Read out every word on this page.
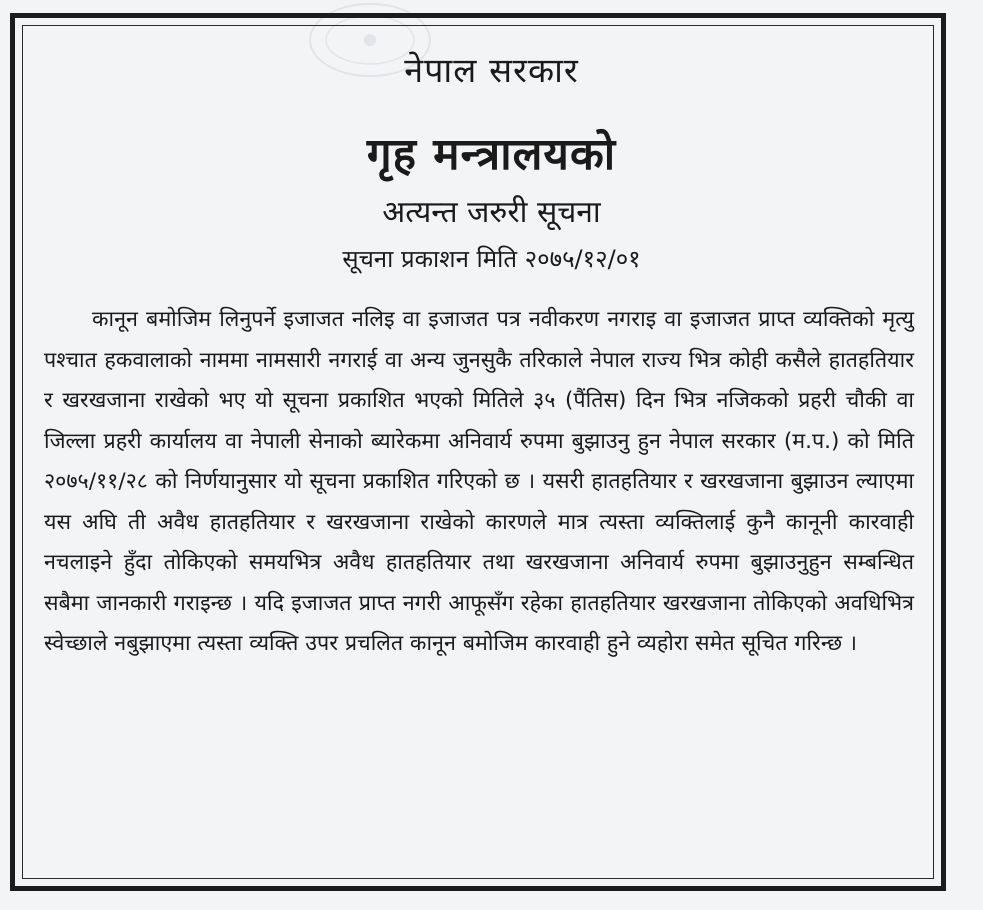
नेपाल सरकार
गृह मन्त्रालयको
अत्यन्त जरुरी सूचना
सूचना प्रकाशन मिति २०७५/१२/०१
कानून बमोजिम लिनुपर्ने इजाजत नलिइ वा इजाजत पत्र नवीकरण नगराइ वा इजाजत प्राप्त व्यक्तिको मृत्यु पश्चात हकवालाको नाममा नामसारी नगराई वा अन्य जुनसुकै तरिकाले नेपाल राज्य भित्र कोही कसैले हातहतियार र खरखजाना राखेको भए यो सूचना प्रकाशित भएको मितिले ३५ (पैंतिस) दिन भित्र नजिकको प्रहरी चौकी वा जिल्ला प्रहरी कार्यालय वा नेपाली सेनाको ब्यारेकमा अनिवार्य रुपमा बुझाउनु हुन नेपाल सरकार (म.प.) को मिति २०७५/११/२८ को निर्णयानुसार यो सूचना प्रकाशित गरिएको छ । यसरी हातहतियार र खरखजाना बुझाउन ल्याएमा यस अघि ती अवैध हातहतियार र खरखजाना राखेको कारणले मात्र त्यस्ता व्यक्तिलाई कुनै कानूनी कारवाही नचलाइने हुँदा तोकिएको समयभित्र अवैध हातहतियार तथा खरखजाना अनिवार्य रुपमा बुझाउनुहुन सम्बन्धित सबैमा जानकारी गराइन्छ । यदि इजाजत प्राप्त नगरी आफूसँग रहेका हातहतियार खरखजाना तोकिएको अवधिभित्र स्वेच्छाले नबुझाएमा त्यस्ता व्यक्ति उपर प्रचलित कानून बमोजिम कारवाही हुने व्यहोरा समेत सूचित गरिन्छ ।
